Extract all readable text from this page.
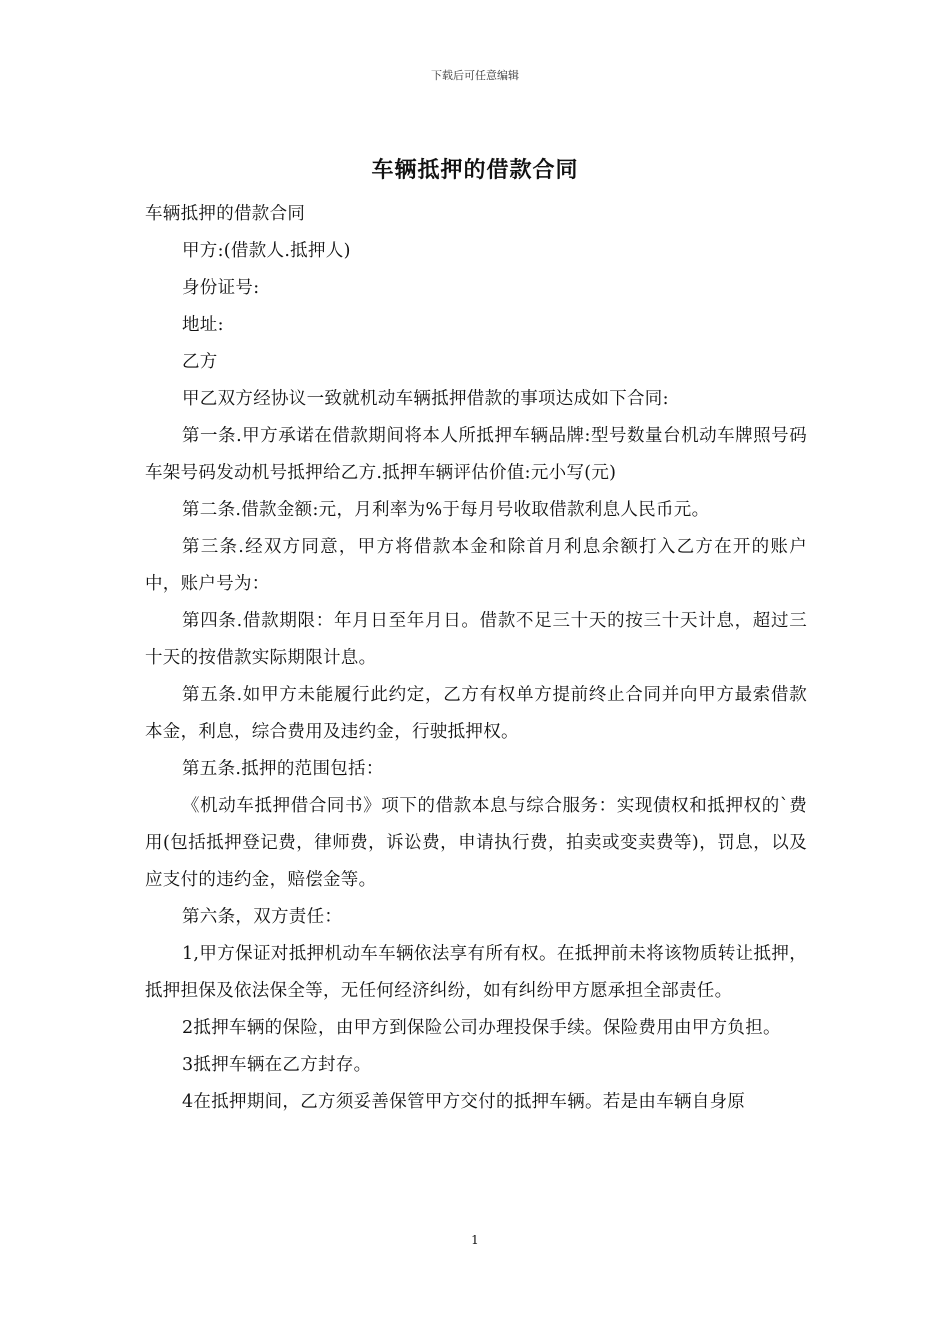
下载后可任意编辑
车辆抵押的借款合同

车辆抵押的借款合同

甲方:(借款人.抵押人)

身份证号:

地址:

乙方

甲乙双方经协议一致就机动车辆抵押借款的事项达成如下合同:

第一条.甲方承诺在借款期间将本人所抵押车辆品牌:型号数量台机动车牌照号码车架号码发动机号抵押给乙方.抵押车辆评估价值:元小写(元)

第二条.借款金额:元，月利率为%于每月号收取借款利息人民币元。

第三条.经双方同意，甲方将借款本金和除首月利息余额打入乙方在开的账户中，账户号为：

第四条.借款期限：年月日至年月日。借款不足三十天的按三十天计息，超过三十天的按借款实际期限计息。

第五条.如甲方未能履行此约定，乙方有权单方提前终止合同并向甲方最索借款本金，利息，综合费用及违约金，行驶抵押权。

第五条.抵押的范围包括：

《机动车抵押借合同书》项下的借款本息与综合服务：实现债权和抵押权的`费用(包括抵押登记费，律师费，诉讼费，申请执行费，拍卖或变卖费等)，罚息，以及应支付的违约金，赔偿金等。

第六条，双方责任：

1,甲方保证对抵押机动车车辆依法享有所有权。在抵押前未将该物质转让抵押，抵押担保及依法保全等，无任何经济纠纷，如有纠纷甲方愿承担全部责任。

2抵押车辆的保险，由甲方到保险公司办理投保手续。保险费用由甲方负担。

3抵押车辆在乙方封存。

4在抵押期间，乙方须妥善保管甲方交付的抵押车辆。若是由车辆自身原

1
